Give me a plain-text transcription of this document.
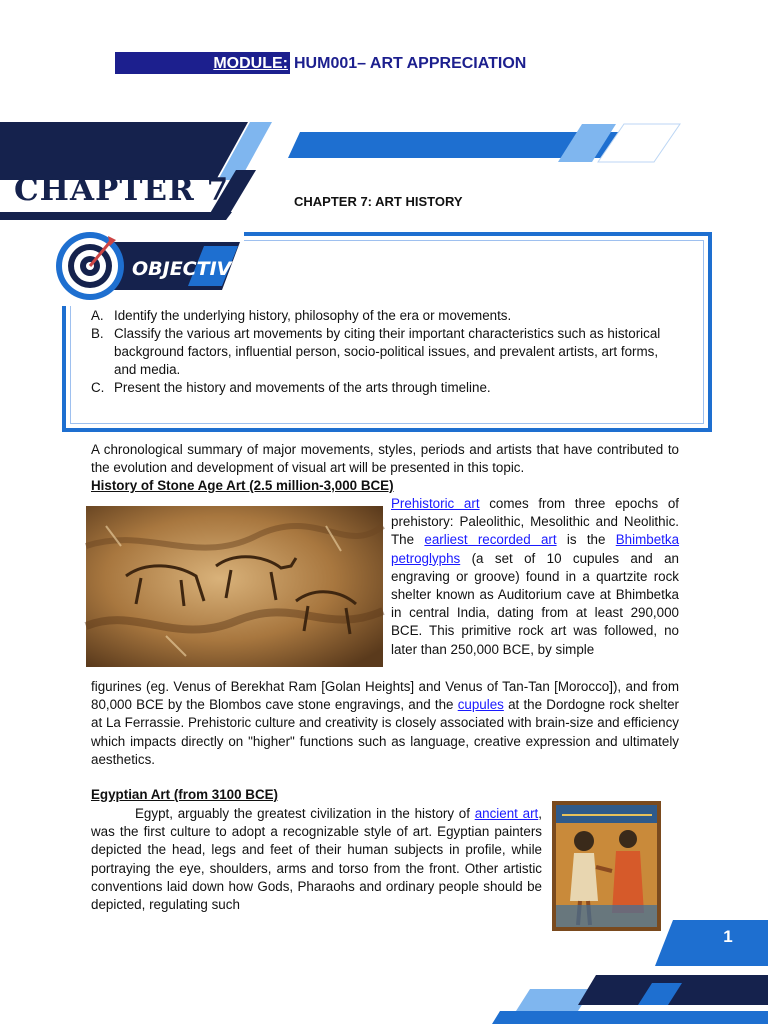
MODULE: HUM001– ART APPRECIATION
CHAPTER 7	CHAPTER 7: ART HISTORY
OBJECTIVES
A. Identify the underlying history, philosophy of the era or movements.
B. Classify the various art movements by citing their important characteristics such as historical background factors, influential person, socio-political issues, and prevalent artists, art forms, and media.
C. Present the history and movements of the arts through timeline.
A chronological summary of major movements, styles, periods and artists that have contributed to the evolution and development of visual art will be presented in this topic.
History of Stone Age Art (2.5 million-3,000 BCE)
Prehistoric art comes from three epochs of prehistory: Paleolithic, Mesolithic and Neolithic. The earliest recorded art is the Bhimbetka petroglyphs (a set of 10 cupules and an engraving or groove) found in a quartzite rock shelter known as Auditorium cave at Bhimbetka in central India, dating from at least 290,000 BCE. This primitive rock art was followed, no later than 250,000 BCE, by simple
figurines (eg. Venus of Berekhat Ram [Golan Heights] and Venus of Tan-Tan [Morocco]), and from 80,000 BCE by the Blombos cave stone engravings, and the cupules at the Dordogne rock shelter at La Ferrassie. Prehistoric culture and creativity is closely associated with brain-size and efficiency which impacts directly on "higher" functions such as language, creative expression and ultimately aesthetics.
Egyptian Art (from 3100 BCE)
Egypt, arguably the greatest civilization in the history of ancient art, was the first culture to adopt a recognizable style of art. Egyptian painters depicted the head, legs and feet of their human subjects in profile, while portraying the eye, shoulders, arms and torso from the front. Other artistic conventions laid down how Gods, Pharaohs and ordinary people should be depicted, regulating such
1
